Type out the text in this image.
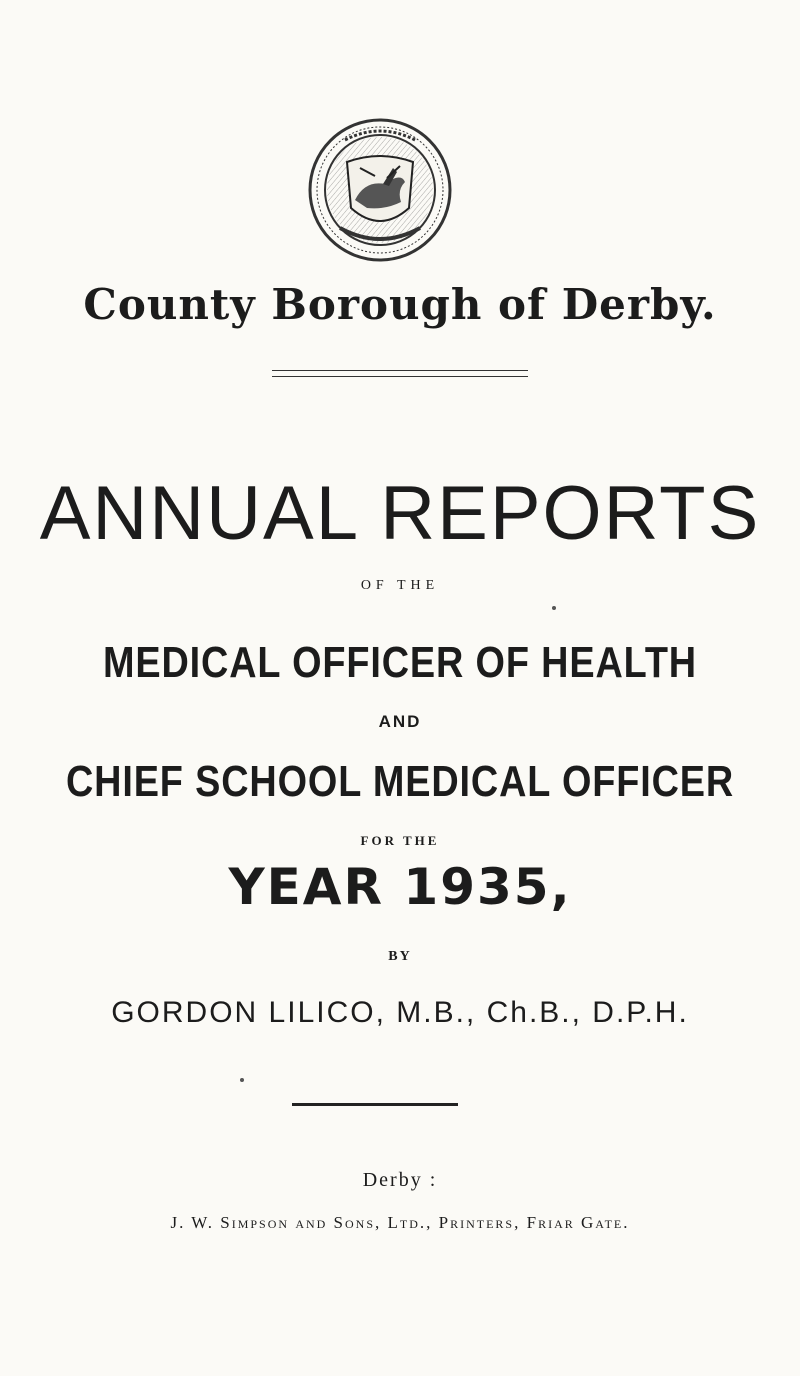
County Borough of Derby.
ANNUAL REPORTS
OF THE
MEDICAL OFFICER OF HEALTH
AND
CHIEF SCHOOL MEDICAL OFFICER
FOR THE
YEAR 1935,
BY
GORDON LILICO, M.B., Ch.B., D.P.H.
Derby :
J. W. Simpson and Sons, Ltd., Printers, Friar Gate.
